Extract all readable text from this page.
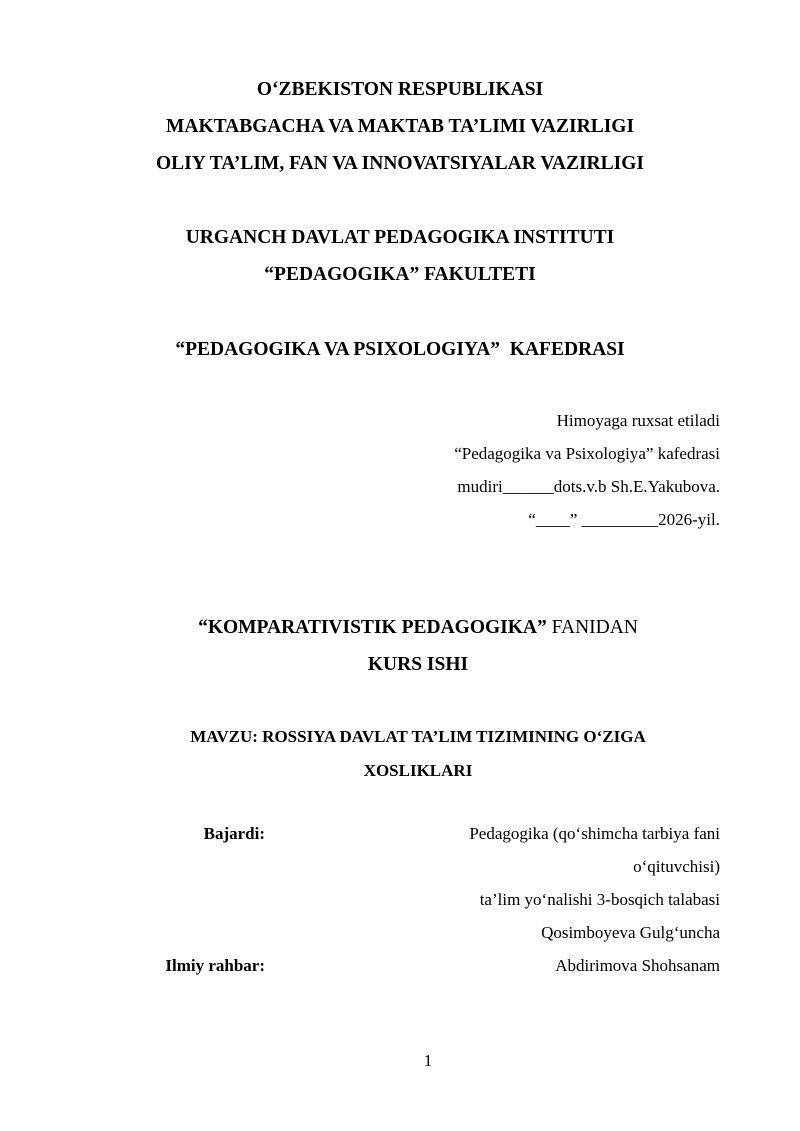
O‘ZBEKISTON RESPUBLIKASI
MAKTABGACHA VA MAKTAB TA’LIMI VAZIRLIGI
OLIY TA’LIM, FAN VA INNOVATSIYALAR VAZIRLIGI
URGANCH DAVLAT PEDAGOGIKA INSTITUTI
“PEDAGOGIKA” FAKULTETI
“PEDAGOGIKA VA PSIXOLOGIYA”  KAFEDRASI
Himoyaga ruxsat etiladi
“Pedagogika va Psixologiya” kafedrasi
mudiri______dots.v.b Sh.E.Yakubova.
“____” _________2026-yil.
“KOMPARATIVISTIK PEDAGOGIKA” FANIDAN
KURS ISHI
MAVZU: ROSSIYA DAVLAT TA’LIM TIZIMINING O‘ZIGA
XOSLIKLARI
Bajardi:	Pedagogika (qo‘shimcha tarbiya fani
o‘qituvchisi)
ta’lim yo‘nalishi 3-bosqich talabasi
Qosimboyeva Gulg‘uncha
Ilmiy rahbar:	Abdirimova Shohsanam
1
